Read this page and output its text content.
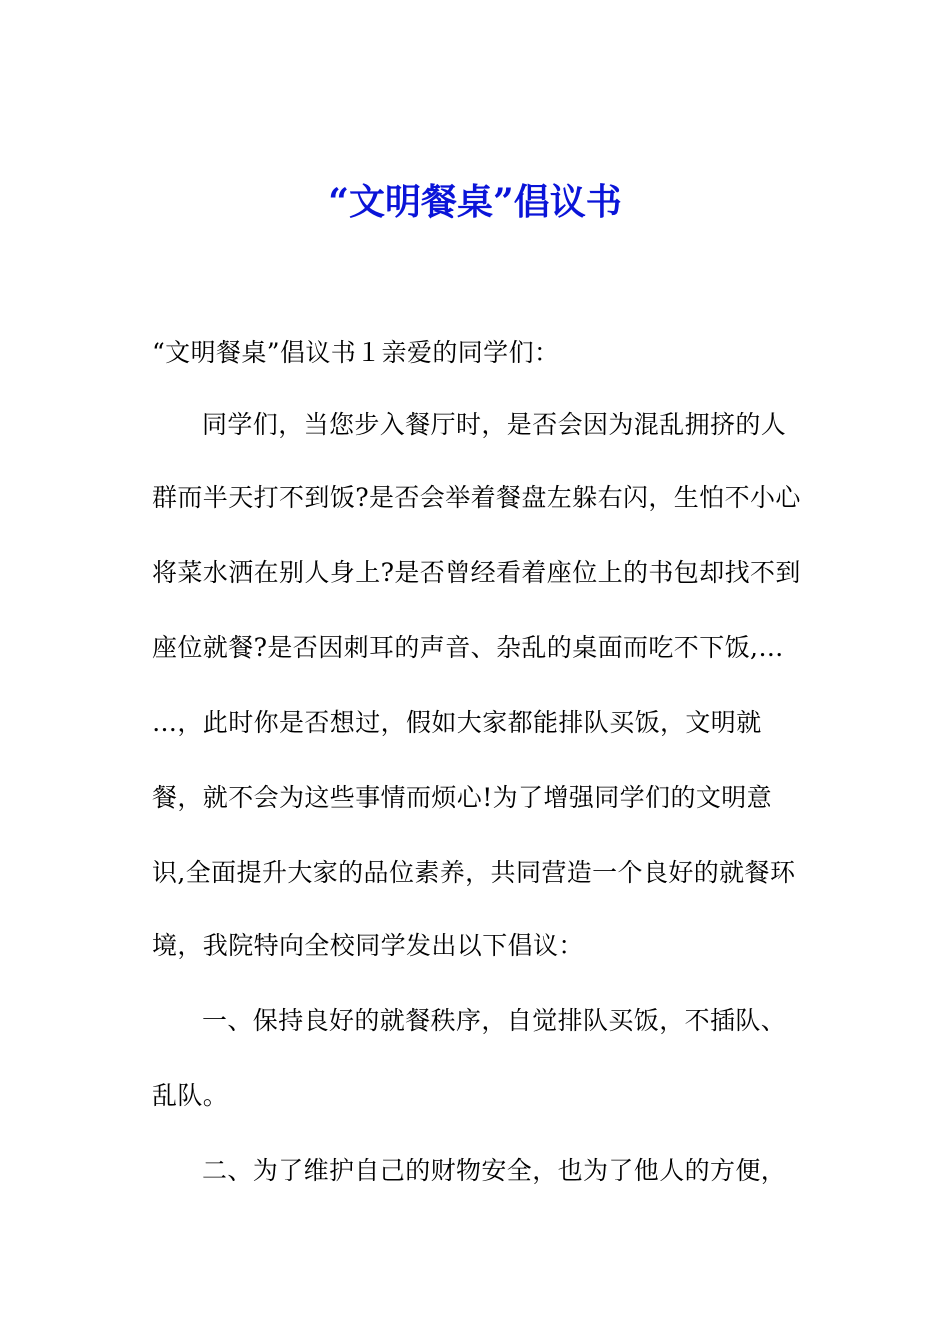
“文明餐桌”倡议书

“文明餐桌”倡议书１亲爱的同学们：

同学们，当您步入餐厅时，是否会因为混乱拥挤的人

群而半天打不到饭?是否会举着餐盘左躲右闪，生怕不小心

将菜水洒在别人身上?是否曾经看着座位上的书包却找不到

座位就餐?是否因刺耳的声音、杂乱的桌面而吃不下饭,…

…，此时你是否想过，假如大家都能排队买饭，文明就

餐，就不会为这些事情而烦心!为了增强同学们的文明意

识,全面提升大家的品位素养，共同营造一个良好的就餐环

境，我院特向全校同学发出以下倡议：

一、保持良好的就餐秩序，自觉排队买饭，不插队、

乱队。

二、为了维护自己的财物安全，也为了他人的方便，
